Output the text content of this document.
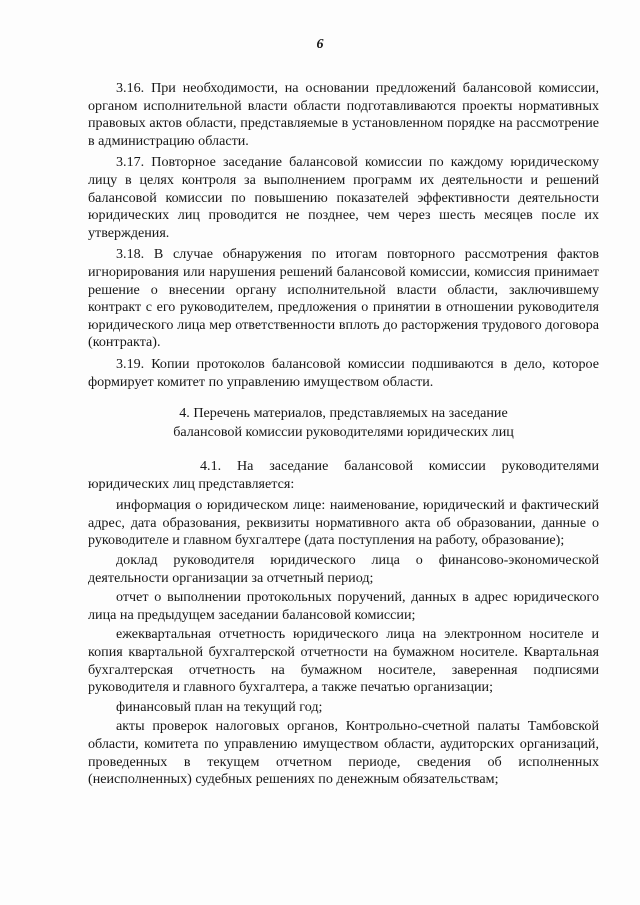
6

3.16. При необходимости, на основании предложений балансовой комиссии, органом исполнительной власти области подготавливаются проекты нормативных правовых актов области, представляемые в установленном порядке на рассмотрение в администрацию области.

3.17. Повторное заседание балансовой комиссии по каждому юридическому лицу в целях контроля за выполнением программ их деятельности и решений балансовой комиссии по повышению показателей эффективности деятельности юридических лиц проводится не позднее, чем через шесть месяцев после их утверждения.

3.18. В случае обнаружения по итогам повторного рассмотрения фактов игнорирования или нарушения решений балансовой комиссии, комиссия принимает решение о внесении органу исполнительной власти области, заключившему контракт с его руководителем, предложения о принятии в отношении руководителя юридического лица мер ответственности вплоть до расторжения трудового договора (контракта).

3.19. Копии протоколов балансовой комиссии подшиваются в дело, которое формирует комитет по управлению имуществом области.

4. Перечень материалов, представляемых на заседание
балансовой комиссии руководителями юридических лиц

4.1. На заседание балансовой комиссии руководителями юридических лиц представляется:

информация о юридическом лице: наименование, юридический и фактический адрес, дата образования, реквизиты нормативного акта об образовании, данные о руководителе и главном бухгалтере (дата поступления на работу, образование);

доклад руководителя юридического лица о финансово-экономической деятельности организации за отчетный период;

отчет о выполнении протокольных поручений, данных в адрес юридического лица на предыдущем заседании балансовой комиссии;

ежеквартальная отчетность юридического лица на электронном носителе и копия квартальной бухгалтерской отчетности на бумажном носителе. Квартальная бухгалтерская отчетность на бумажном носителе, заверенная подписями руководителя и главного бухгалтера, а также печатью организации;

финансовый план на текущий год;

акты проверок налоговых органов, Контрольно-счетной палаты Тамбовской области, комитета по управлению имуществом области, аудиторских организаций, проведенных в текущем отчетном периоде, сведения об исполненных (неисполненных) судебных решениях по денежным обязательствам;
